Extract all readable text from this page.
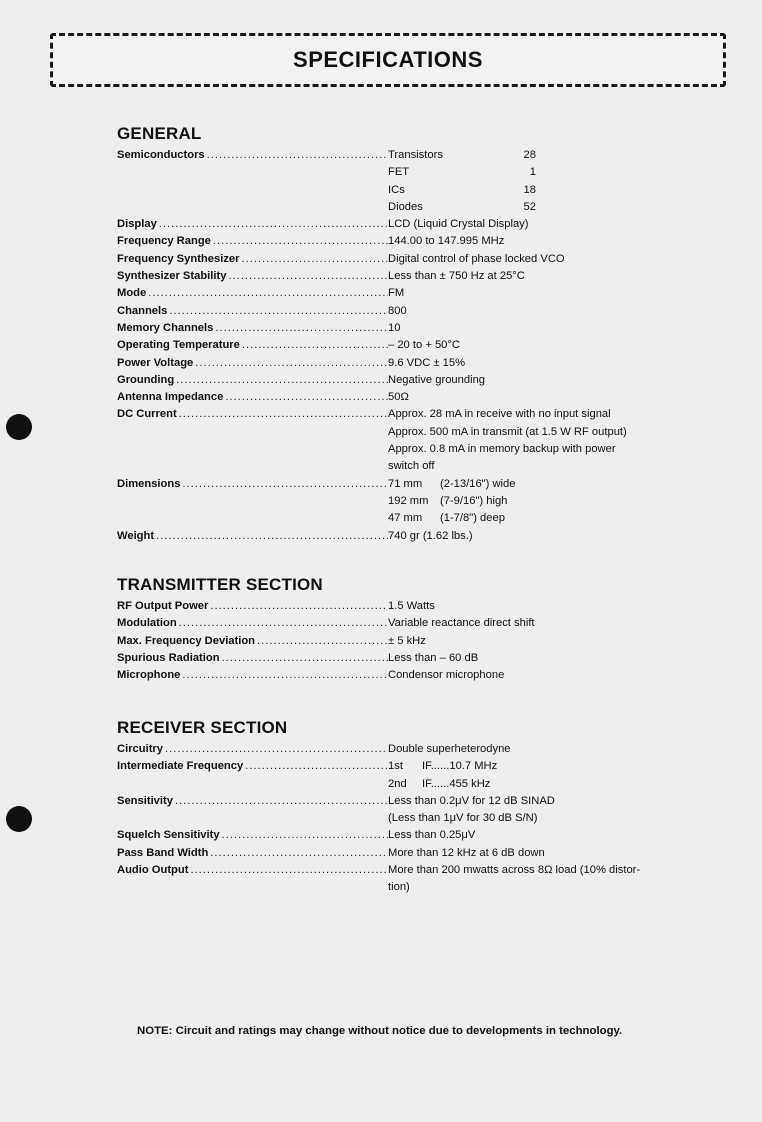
SPECIFICATIONS
GENERAL
Semiconductors .....	Transistors	28
FET	1
ICs	18
Diodes	52
Display .....	LCD (Liquid Crystal Display)
Frequency Range .....	144.00 to 147.995 MHz
Frequency Synthesizer .....	Digital control of phase locked VCO
Synthesizer Stability .....	Less than ± 750 Hz at 25°C
Mode .....	FM
Channels .....	800
Memory Channels .....	10
Operating Temperature .....	– 20 to + 50°C
Power Voltage .....	9.6 VDC ± 15%
Grounding .....	Negative grounding
Antenna Impedance .....	50Ω
DC Current .....	Approx. 28 mA in receive with no input signal
Approx. 500 mA in transmit (at 1.5 W RF output)
Approx. 0.8 mA in memory backup with power
switch off
Dimensions .....	71 mm	(2-13/16") wide
192 mm	(7-9/16") high
47 mm	(1-7/8") deep
Weight .....	740 gr (1.62 lbs.)
TRANSMITTER SECTION
RF Output Power .....	1.5 Watts
Modulation .....	Variable reactance direct shift
Max. Frequency Deviation .....	± 5 kHz
Spurious Radiation .....	Less than – 60 dB
Microphone .....	Condensor microphone
RECEIVER SECTION
Circuitry .....	Double superheterodyne
Intermediate Frequency .....	1st	IF......10.7 MHz
2nd	IF......455 kHz
Sensitivity .....	Less than 0.2μV for 12 dB SINAD
(Less than 1μV for 30 dB S/N)
Squelch Sensitivity .....	Less than 0.25μV
Pass Band Width .....	More than 12 kHz at 6 dB down
Audio Output .....	More than 200 mwatts across 8Ω load (10% distor-
tion)
NOTE: Circuit and ratings may change without notice due to developments in technology.
